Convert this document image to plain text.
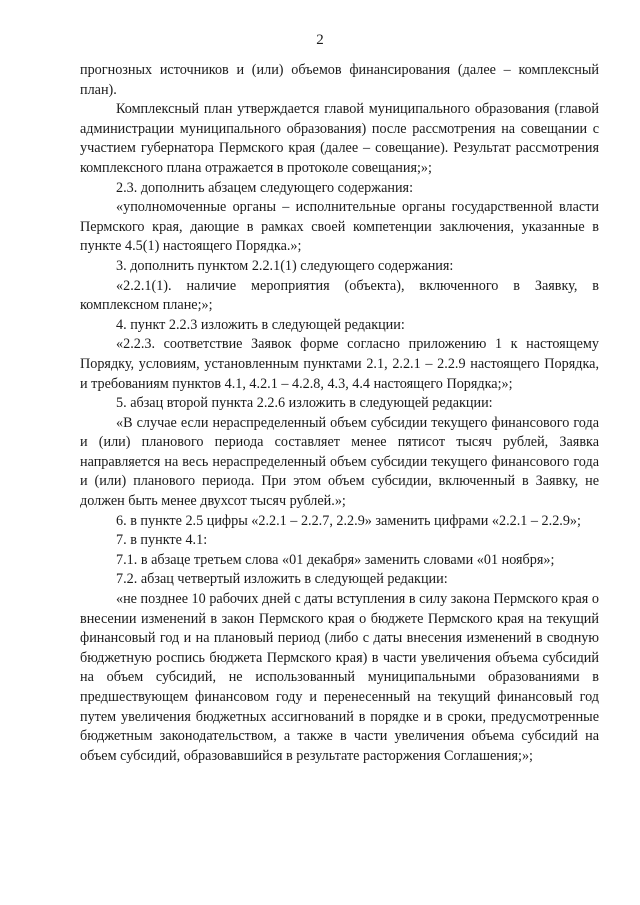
2

прогнозных источников и (или) объемов финансирования (далее – комплексный план).

Комплексный план утверждается главой муниципального образования (главой администрации муниципального образования) после рассмотрения на совещании с участием губернатора Пермского края (далее – совещание). Результат рассмотрения комплексного плана отражается в протоколе совещания;»;

2.3. дополнить абзацем следующего содержания:

«уполномоченные органы – исполнительные органы государственной власти Пермского края, дающие в рамках своей компетенции заключения, указанные в пункте 4.5(1) настоящего Порядка.»;

3. дополнить пунктом 2.2.1(1) следующего содержания:

«2.2.1(1). наличие мероприятия (объекта), включенного в Заявку, в комплексном плане;»;

4. пункт 2.2.3 изложить в следующей редакции:

«2.2.3. соответствие Заявок форме согласно приложению 1 к настоящему Порядку, условиям, установленным пунктами 2.1, 2.2.1 – 2.2.9 настоящего Порядка, и требованиям пунктов 4.1, 4.2.1 – 4.2.8, 4.3, 4.4 настоящего Порядка;»;

5. абзац второй пункта 2.2.6 изложить в следующей редакции:

«В случае если нераспределенный объем субсидии текущего финансового года и (или) планового периода составляет менее пятисот тысяч рублей, Заявка направляется на весь нераспределенный объем субсидии текущего финансового года и (или) планового периода. При этом объем субсидии, включенный в Заявку, не должен быть менее двухсот тысяч рублей.»;

6. в пункте 2.5 цифры «2.2.1 – 2.2.7, 2.2.9» заменить цифрами «2.2.1 – 2.2.9»;

7. в пункте 4.1:

7.1. в абзаце третьем слова «01 декабря» заменить словами «01 ноября»;

7.2. абзац четвертый изложить в следующей редакции:

«не позднее 10 рабочих дней с даты вступления в силу закона Пермского края о внесении изменений в закон Пермского края о бюджете Пермского края на текущий финансовый год и на плановый период (либо с даты внесения изменений в сводную бюджетную роспись бюджета Пермского края) в части увеличения объема субсидий на объем субсидий, не использованный муниципальными образованиями в предшествующем финансовом году и перенесенный на текущий финансовый год путем увеличения бюджетных ассигнований в порядке и в сроки, предусмотренные бюджетным законодательством, а также в части увеличения объема субсидий на объем субсидий, образовавшийся в результате расторжения Соглашения;»;
